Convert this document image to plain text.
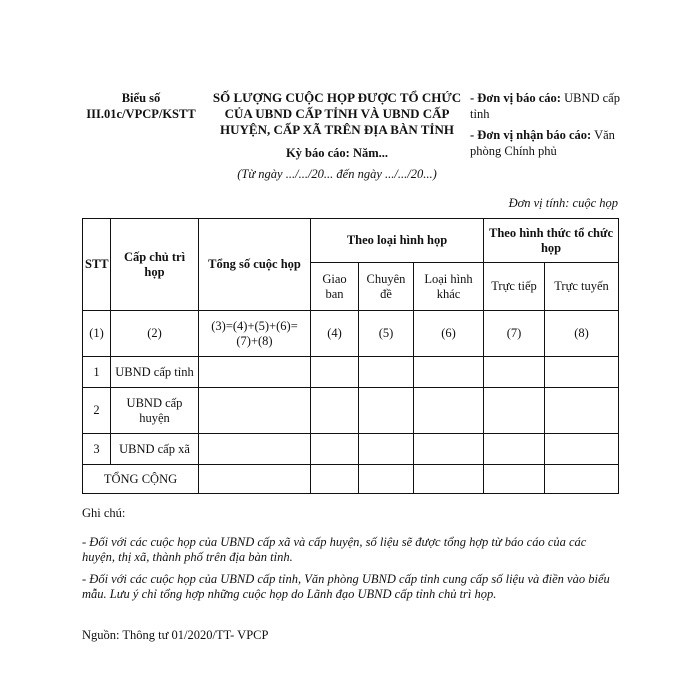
Biểu số III.01c/VPCP/KSTT
SỐ LƯỢNG CUỘC HỌP ĐƯỢC TỔ CHỨC CỦA UBND CẤP TỈNH VÀ UBND CẤP HUYỆN, CẤP XÃ TRÊN ĐỊA BÀN TỈNH
Kỳ báo cáo: Năm...
(Từ ngày .../.../20... đến ngày .../.../20...)
- Đơn vị báo cáo: UBND cấp tỉnh
- Đơn vị nhận báo cáo: Văn phòng Chính phủ
Đơn vị tính: cuộc họp
STT	Cấp chủ trì họp	Tổng số cuộc họp	Theo loại hình họp			Theo hình thức tổ chức họp	
			Giao ban	Chuyên đề	Loại hình khác	Trực tiếp	Trực tuyến
(1)	(2)	(3)=(4)+(5)+(6)=(7)+(8)	(4)	(5)	(6)	(7)	(8)
1	UBND cấp tỉnh						
2	UBND cấp huyện						
3	UBND cấp xã						
TỔNG CỘNG							
Ghi chú:

- Đối với các cuộc họp của UBND cấp xã và cấp huyện, số liệu sẽ được tổng hợp từ báo cáo của các huyện, thị xã, thành phố trên địa bàn tỉnh.

- Đối với các cuộc họp của UBND cấp tỉnh, Văn phòng UBND cấp tỉnh cung cấp số liệu và điền vào biểu mẫu. Lưu ý chỉ tổng hợp những cuộc họp do Lãnh đạo UBND cấp tỉnh chủ trì họp.

Nguồn: Thông tư 01/2020/TT- VPCP
